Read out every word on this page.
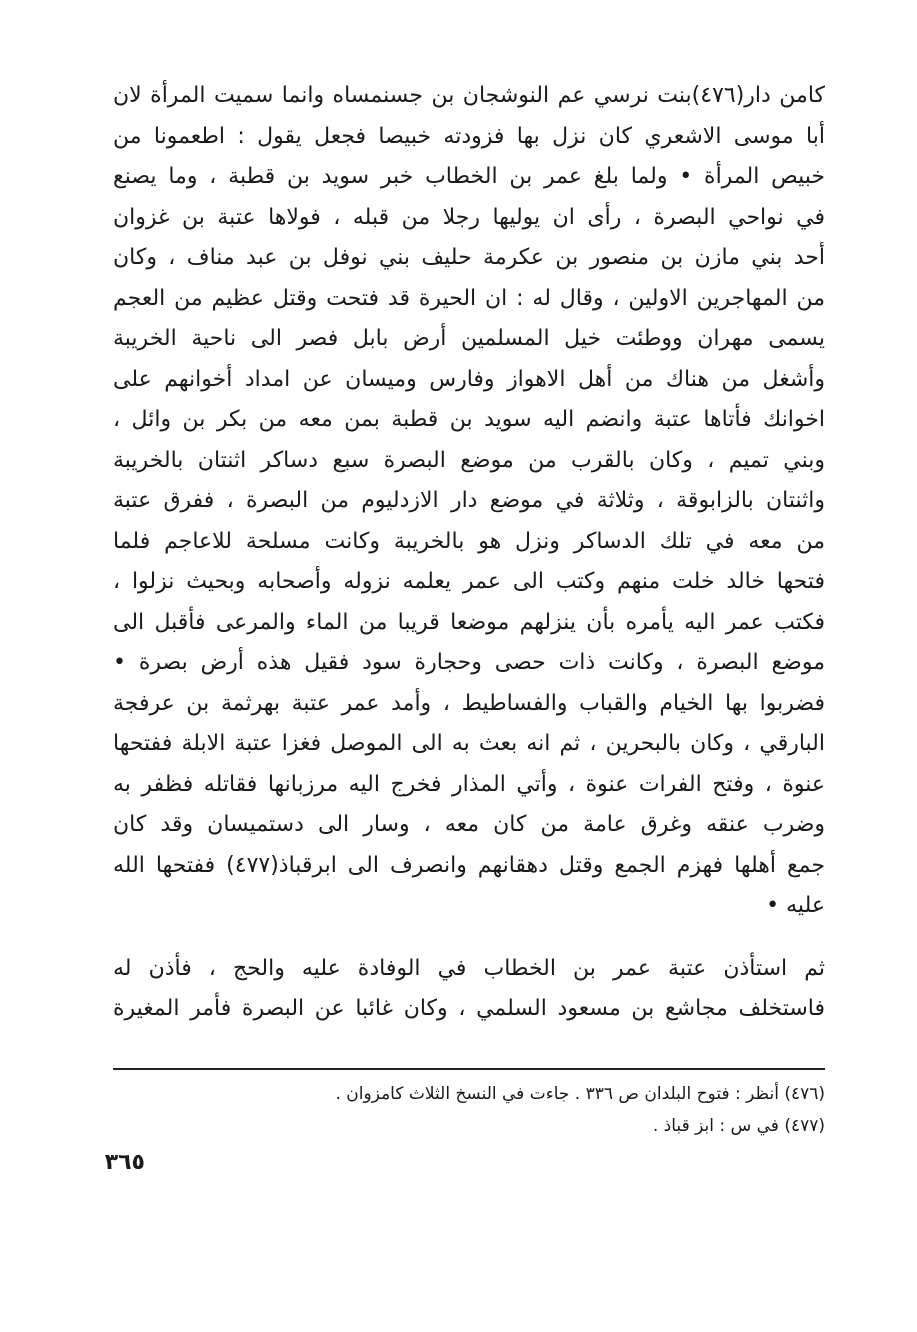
كامن دار(٤٧٦)بنت نرسي عم النوشجان بن جسنمساه وانما سميت المرأة لان
أبا موسى الاشعري كان نزل بها فزودته خبيصا فجعل يقول : اطعمونا من
خبيص المرأة • ولما بلغ عمر بن الخطاب خبر سويد بن قطبة ، وما يصنع
في نواحي البصرة ، رأى ان يوليها رجلا من قبله ، فولاها عتبة بن غزوان
أحد بني مازن بن منصور بن عكرمة حليف بني نوفل بن عبد مناف ، وكان
من المهاجرين الاولين ، وقال له : ان الحيرة قد فتحت وقتل عظيم من العجم
يسمى مهران ووطئت خيل المسلمين أرض بابل فصر الى ناحية الخريبة
وأشغل من هناك من أهل الاهواز وفارس وميسان عن امداد أخوانهم على
اخوانك فأتاها عتبة وانضم اليه سويد بن قطبة بمن معه من بكر بن وائل ،
وبني تميم ، وكان بالقرب من موضع البصرة سبع دساكر اثنتان بالخريبة
واثنتان بالزابوقة ، وثلاثة في موضع دار الازدليوم من البصرة ، ففرق عتبة
من معه في تلك الدساكر ونزل هو بالخريبة وكانت مسلحة للاعاجم فلما
فتحها خالد خلت منهم وكتب الى عمر يعلمه نزوله وأصحابه وبحيث نزلوا ،
فكتب عمر اليه يأمره بأن ينزلهم موضعا قريبا من الماء والمرعى فأقبل الى
موضع البصرة ، وكانت ذات حصى وحجارة سود فقيل هذه أرض بصرة •
فضربوا بها الخيام والقباب والفساطيط ، وأمد عمر عتبة بهرثمة بن عرفجة
البارقي ، وكان بالبحرين ، ثم انه بعث به الى الموصل فغزا عتبة الابلة ففتحها
عنوة ، وفتح الفرات عنوة ، وأتي المذار فخرج اليه مرزبانها فقاتله فظفر به
وضرب عنقه وغرق عامة من كان معه ، وسار الى دستميسان وقد كان
جمع أهلها فهزم الجمع وقتل دهقانهم وانصرف الى ابرقباذ(٤٧٧) ففتحها الله
عليه •
ثم استأذن عتبة عمر بن الخطاب في الوفادة عليه والحج ، فأذن له
فاستخلف مجاشع بن مسعود السلمي ، وكان غائبا عن البصرة فأمر المغيرة
(٤٧٦) أنظر : فتوح البلدان ص ٣٣٦ . جاءت في النسخ الثلاث كامزوان .
(٤٧٧) في س : ابز قباذ .
٣٦٥
